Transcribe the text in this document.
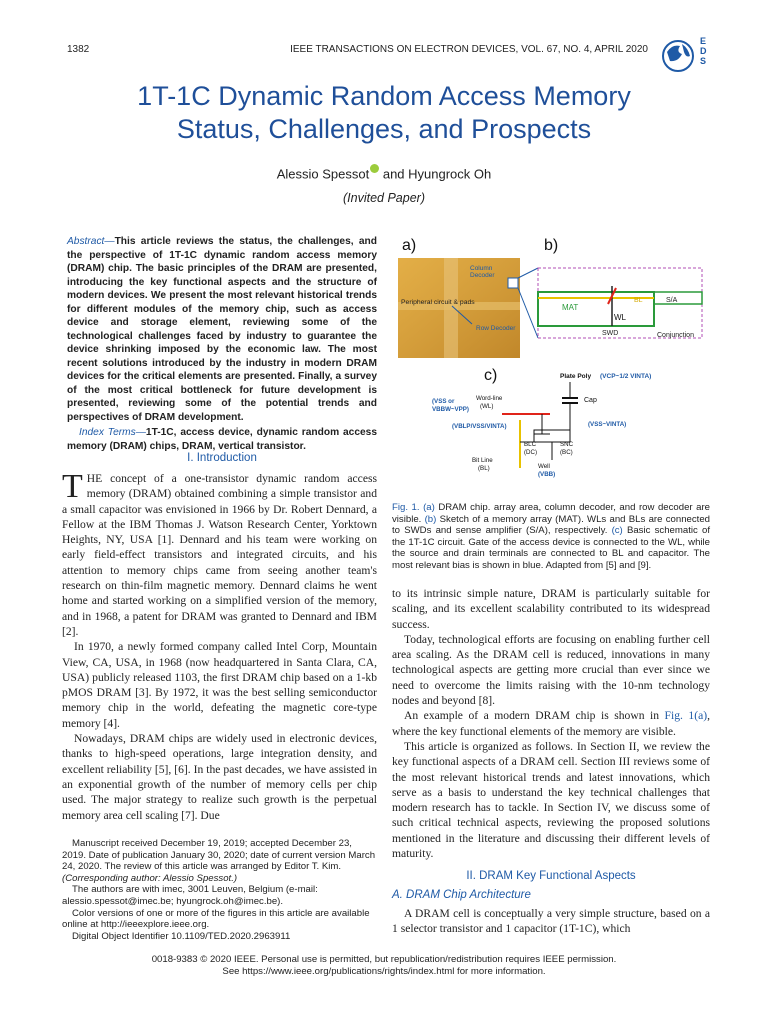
1382	IEEE TRANSACTIONS ON ELECTRON DEVICES, VOL. 67, NO. 4, APRIL 2020
EDS
1T-1C Dynamic Random Access Memory
Status, Challenges, and Prospects
Alessio Spessot and Hyungrock Oh
(Invited Paper)
Abstract—This article reviews the status, the challenges, and the perspective of 1T-1C dynamic random access memory (DRAM) chip. The basic principles of the DRAM are presented, introducing the key functional aspects and the structure of modern devices. We present the most relevant historical trends for different modules of the memory chip, such as access device and storage element, reviewing some of the technological challenges faced by industry to guarantee the device shrinking imposed by the economic law. The most recent solutions introduced by the industry in modern DRAM devices for the critical elements are presented. Finally, a survey of the most critical bottleneck for future development is presented, reviewing some of the potential trends and perspectives of DRAM development.
Index Terms—1T-1C, access device, dynamic random access memory (DRAM) chips, DRAM, vertical transistor.
I. Introduction

THE concept of a one-transistor dynamic random access memory (DRAM) obtained combining a simple transistor and a small capacitor was envisioned in 1966 by Dr. Robert Dennard, a Fellow at the IBM Thomas J. Watson Research Center, Yorktown Heights, NY, USA [1]. Dennard and his team were working on early field-effect transistors and integrated circuits, and his attention to memory chips came from seeing another team's research on thin-film magnetic memory. Dennard claims he went home and started working on a simplified version of the memory, and in 1968, a patent for DRAM was granted to Dennard and IBM [2].

In 1970, a newly formed company called Intel Corp, Mountain View, CA, USA, in 1968 (now headquartered in Santa Clara, CA, USA) publicly released 1103, the first DRAM chip based on a 1-kb pMOS DRAM [3]. By 1972, it was the best selling semiconductor memory chip in the world, defeating the magnetic core-type memory [4].

Nowadays, DRAM chips are widely used in electronic devices, thanks to high-speed operations, large integration density, and excellent reliability [5], [6]. In the past decades, we have assisted in an exponential growth of the number of memory cells per chip used. The major strategy to realize such growth is the perpetual memory area cell scaling [7]. Due

Manuscript received December 19, 2019; accepted December 23, 2019. Date of publication January 30, 2020; date of current version March 24, 2020. The review of this article was arranged by Editor T. Kim.

(Corresponding author: Alessio Spessot.)

The authors are with imec, 3001 Leuven, Belgium (e-mail: alessio.spessot@imec.be; hyungrock.oh@imec.be).

Color versions of one or more of the figures in this article are available online at http://ieeexplore.ieee.org.

Digital Object Identifier 10.1109/TED.2020.2963911

a)	b)
c)
Column
Decoder
Peripheral circuit & pads
Row Decoder
MAT
WL
BL	S/A
SWD	Conjunction
Plate Poly (VCP~1/2 VINTA)
Cap
(VSS or
VBBW~VPP)
Word-line
(WL)
(VBLP/VSS/VINTA)	(VSS~VINTA)
BLC
(DC)
SNC
(BC)
Bit Line
(BL)	Well
(VBB)
Fig. 1. (a) DRAM chip. array area, column decoder, and row decoder are visible. (b) Sketch of a memory array (MAT). WLs and BLs are connected to SWDs and sense amplifier (S/A), respectively. (c) Basic schematic of the 1T-1C circuit. Gate of the access device is connected to the WL, while the source and drain terminals are connected to BL and capacitor. The most relevant bias is shown in blue. Adapted from [5] and [9].

to its intrinsic simple nature, DRAM is particularly suitable for scaling, and its excellent scalability contributed to its widespread success.

Today, technological efforts are focusing on enabling further cell area scaling. As the DRAM cell is reduced, innovations in many technological aspects are getting more crucial than ever since we need to overcome the limits raising with the 10-nm technology nodes and beyond [8].

An example of a modern DRAM chip is shown in Fig. 1(a), where the key functional elements of the memory are visible.

This article is organized as follows. In Section II, we review the key functional aspects of a DRAM cell. Section III reviews some of the most relevant historical trends and latest innovations, which serve as a basis to understand the key technical challenges that modern research has to tackle. In Section IV, we discuss some of such critical technical aspects, reviewing the proposed solutions mentioned in the literature and discussing their different levels of maturity.

II. DRAM Key Functional Aspects
A. DRAM Chip Architecture

A DRAM cell is conceptually a very simple structure, based on a 1 selector transistor and 1 capacitor (1T-1C), which

0018-9383 © 2020 IEEE. Personal use is permitted, but republication/redistribution requires IEEE permission.
See https://www.ieee.org/publications/rights/index.html for more information.
